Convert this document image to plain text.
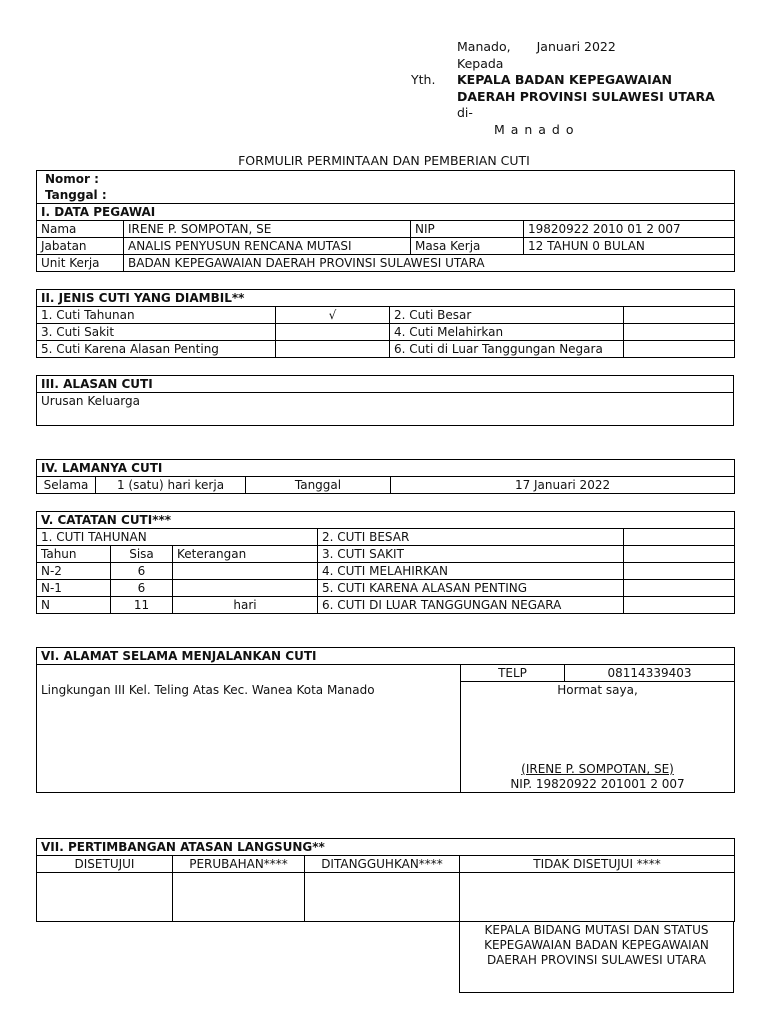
Manado, Januari 2022
Kepada
KEPALA BADAN KEPEGAWAIAN
DAERAH PROVINSI SULAWESI UTARA
di-
M a n a d o
Yth.
FORMULIR PERMINTAAN DAN PEMBERIAN CUTI
Nomor :			
Tanggal :			
I. DATA PEGAWAI			
Nama	IRENE P. SOMPOTAN, SE	NIP	19820922 2010 01 2 007
Jabatan	ANALIS PENYUSUN RENCANA MUTASI	Masa Kerja	12 TAHUN 0 BULAN
Unit Kerja	BADAN KEPEGAWAIAN DAERAH PROVINSI SULAWESI UTARA		
II. JENIS CUTI YANG DIAMBIL**			
1. Cuti Tahunan	√	2. Cuti Besar	
3. Cuti Sakit		4. Cuti Melahirkan	
5. Cuti Karena Alasan Penting		6. Cuti di Luar Tanggungan Negara	
III. ALASAN CUTI
Urusan Keluarga
IV. LAMANYA CUTI
Selama	1 (satu) hari kerja	Tanggal	17 Januari 2022
V. CATATAN CUTI***				
1. CUTI TAHUNAN			2. CUTI BESAR	
Tahun	Sisa	Keterangan	3. CUTI SAKIT	
N-2	6		4. CUTI MELAHIRKAN	
N-1	6		5. CUTI KARENA ALASAN PENTING	
N	11	hari	6. CUTI DI LUAR TANGGUNGAN NEGARA	
VI. ALAMAT SELAMA MENJALANKAN CUTI		
	TELP	08114339403
Lingkungan III Kel. Teling Atas Kec. Wanea Kota Manado	Hormat saya,
(IRENE P. SOMPOTAN, SE)
NIP. 19820922 201001 2 007	
VII. PERTIMBANGAN ATASAN LANGSUNG**			
DISETUJUI	PERUBAHAN****	DITANGGUHKAN****	TIDAK DISETUJUI ****

KEPALA BIDANG MUTASI DAN STATUS
KEPEGAWAIAN BADAN KEPEGAWAIAN
DAERAH PROVINSI SULAWESI UTARA
